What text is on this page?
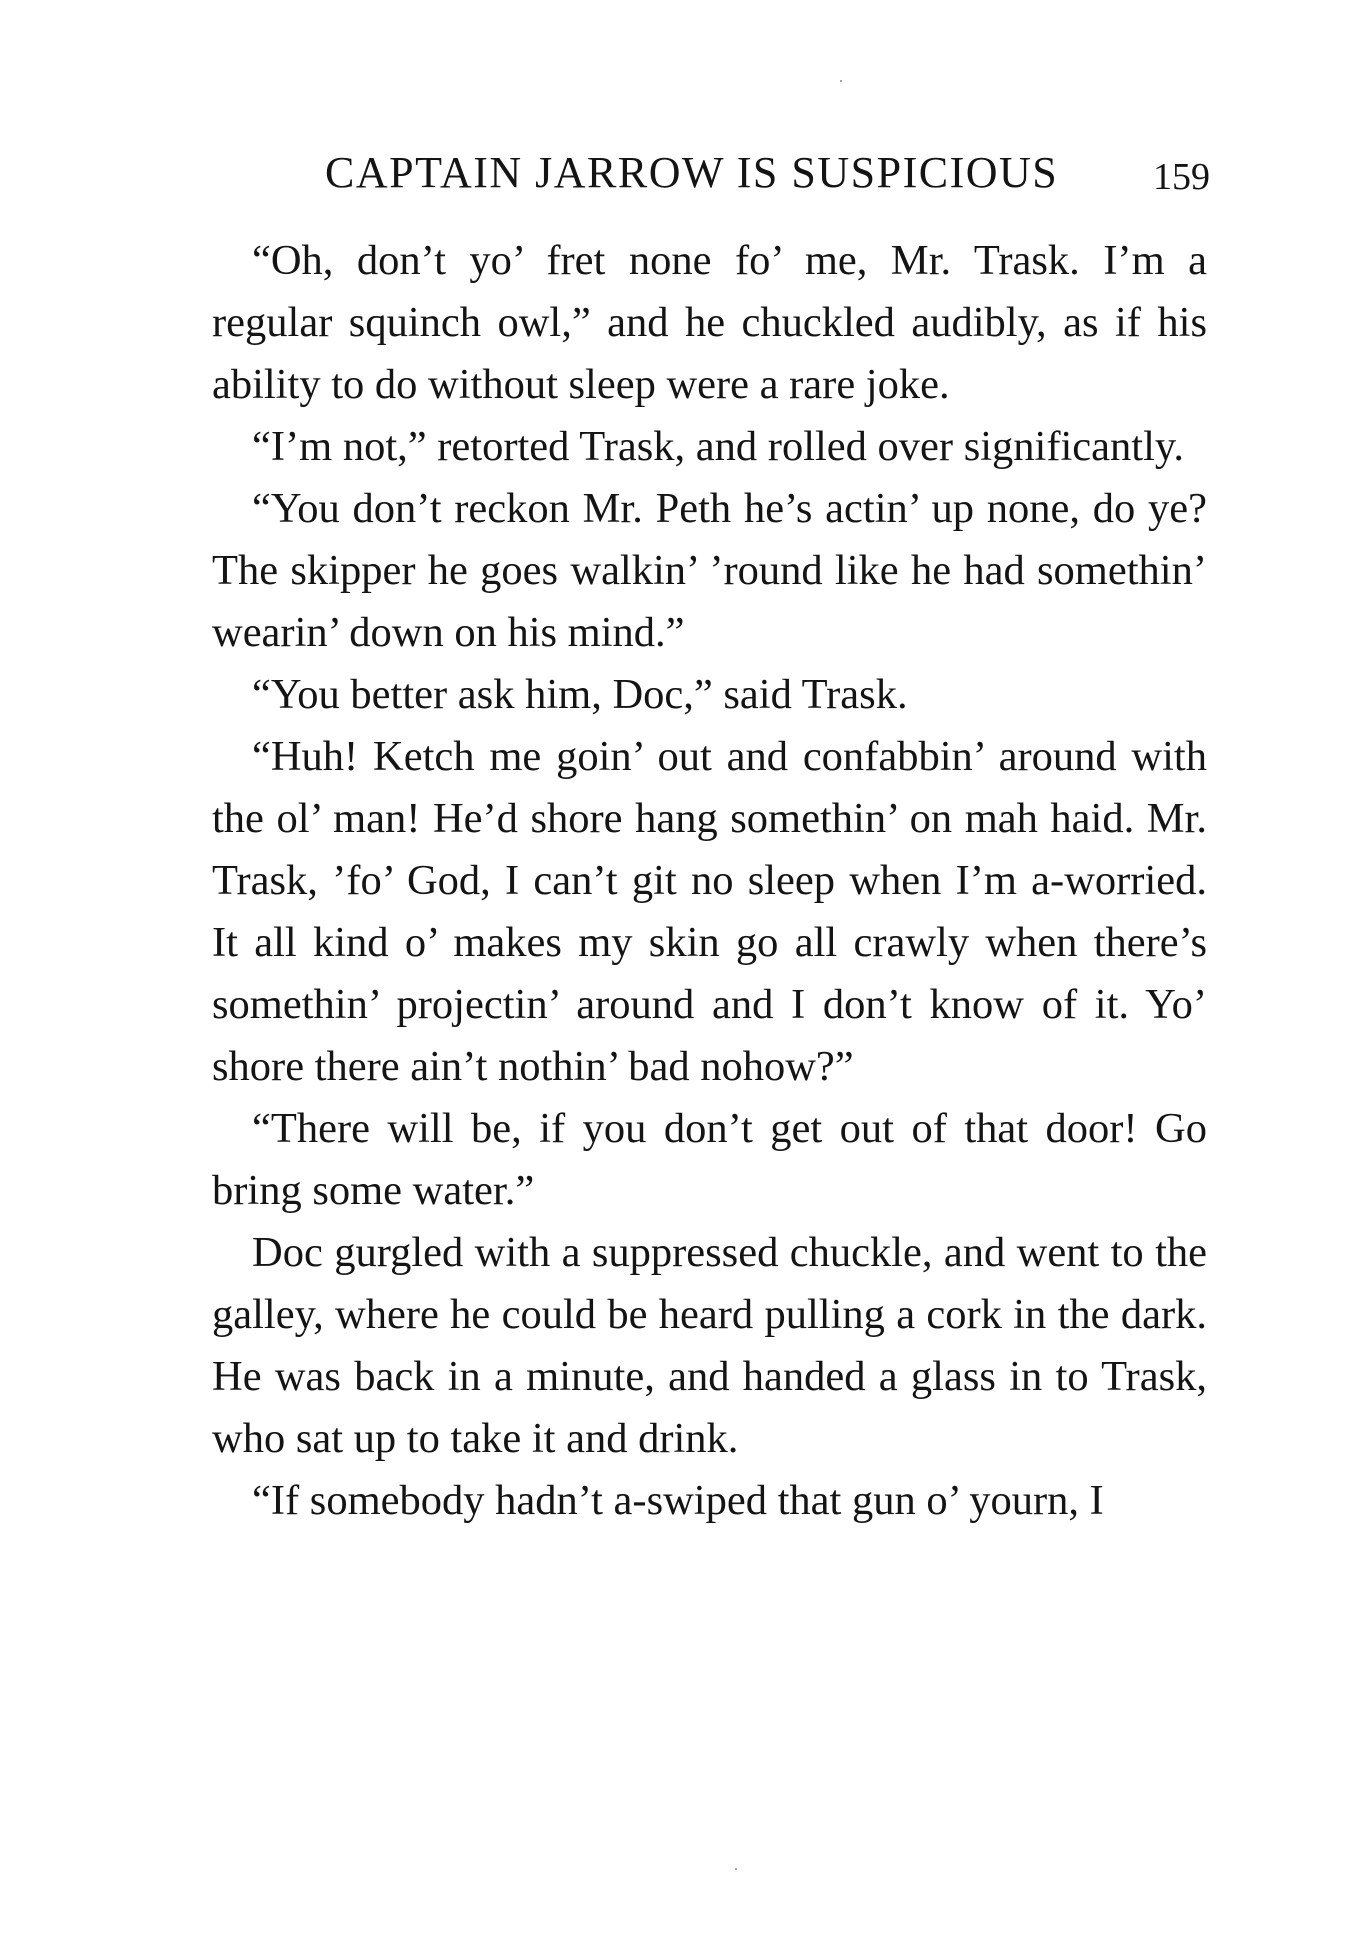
CAPTAIN JARROW IS SUSPICIOUS 159

“Oh, don’t yo’ fret none fo’ me, Mr. Trask. I’m a regular squinch owl,” and he chuckled audibly, as if his ability to do without sleep were a rare joke.

“I’m not,” retorted Trask, and rolled over significantly.

“You don’t reckon Mr. Peth he’s actin’ up none, do ye? The skipper he goes walkin’ ’round like he had somethin’ wearin’ down on his mind.”

“You better ask him, Doc,” said Trask.

“Huh! Ketch me goin’ out and confabbin’ around with the ol’ man! He’d shore hang somethin’ on mah haid. Mr. Trask, ’fo’ God, I can’t git no sleep when I’m a-worried. It all kind o’ makes my skin go all crawly when there’s somethin’ projectin’ around and I don’t know of it. Yo’ shore there ain’t nothin’ bad nohow?”

“There will be, if you don’t get out of that door! Go bring some water.”

Doc gurgled with a suppressed chuckle, and went to the galley, where he could be heard pulling a cork in the dark. He was back in a minute, and handed a glass in to Trask, who sat up to take it and drink.

“If somebody hadn’t a-swiped that gun o’ yourn, I
